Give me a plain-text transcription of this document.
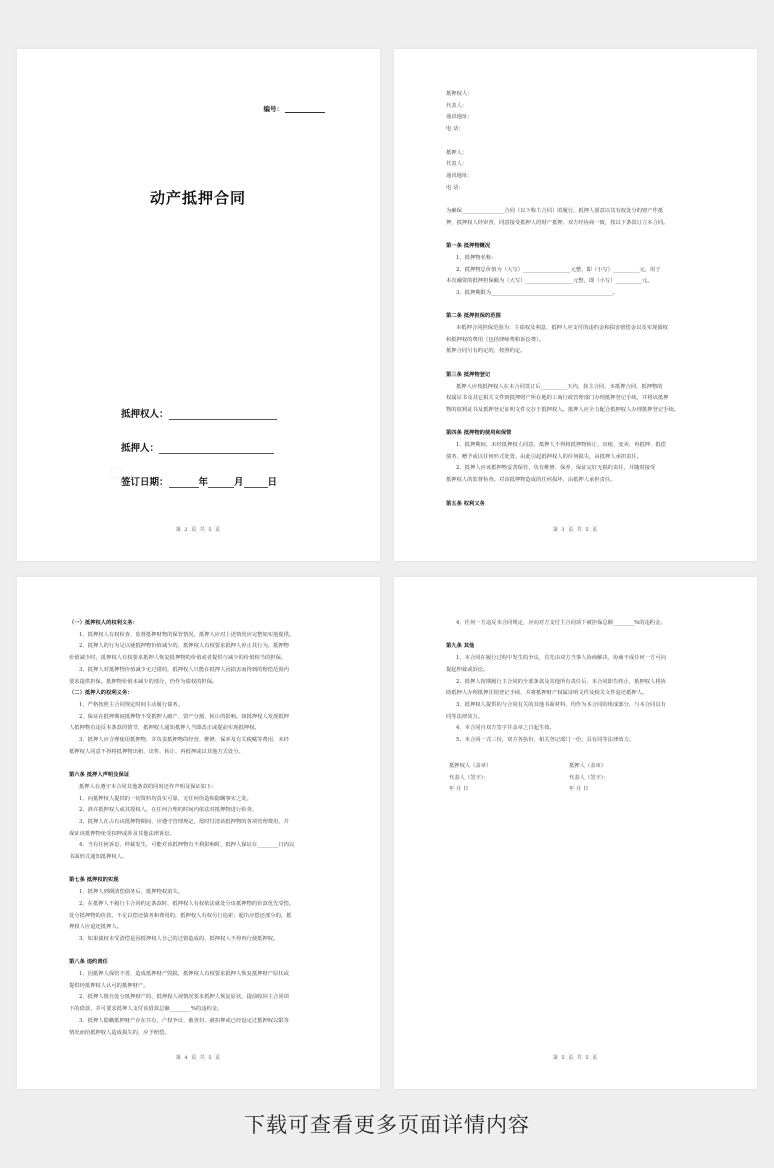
编号：
动产抵押合同
抵押权人：
抵押人：
签订日期：	年	月	日
第 2 页 共 5 页
抵押权人：
代表人：
通讯地址：
电 话：
抵押人：
代表人：
通讯地址：
电 话：
为确保________________合同（以下称主合同）的履行，抵押人愿意以其有权处分的财产作抵
押，抵押权人经审查，同意接受抵押人的财产抵押。双方经协商一致，按以下条款订立本合同。
第一条 抵押物概况
1、抵押物名称：
2、抵押物总价值为（大写）__________________元整，即（小写）__________元，用于
本次融资的抵押担保额为（大写）__________________元整，即（小写）__________元。
3、抵押期限为______________________________________________。
第二条 抵押担保的范围
本抵押合同担保范围为：主债权及利息、抵押人应支付的违约金和损害赔偿金以及实现债权
和抵押权的费用（包括律师费和诉讼费）。
抵押合同另有约定的，按照约定。
第三条 抵押物登记
抵押人应按抵押权人在本合同签订后__________天内，执主合同、本抵押合同、抵押物的
权属证书及其它相关文件到抵押财产所在地的工商行政管理部门办理抵押登记手续，并将该抵押
物的权利证书及抵押登记证明文件交存于抵押权人。抵押人应全力配合抵押权人办理抵押登记手续。
第四条 抵押物的使用和保管
1、抵押期间，未经抵押权人同意，抵押人不得将抵押物转让、出租、变卖、再抵押、抵偿
债务、赠予或以任何形式处置。由此引起抵押权人的任何损失，由抵押人承担责任。
2、抵押人应该抵押物妥善保管，负有维修、保养、保证完好无损的责任，并随时接受
抵押权人的监督检查。对该抵押物造成的任何损坏，由抵押人承担责任。
第五条 权利义务
第 3 页 共 5 页
（一）抵押权人的权利义务：
1、抵押权人有权检查、监督抵押财物的保管情况，抵押人应对上述情况应完整如实地提供。
2、抵押人的行为足以使抵押物价值减少的，抵押权人有权要求抵押人停止其行为。抵押物
价值减少时，抵押权人有权要求抵押人恢复抵押物的价值或者提供与减少的价值相当的担保。
3、抵押人对抵押物价值减少无过错的，抵押权人只能在抵押人因损害而得到的赔偿范围内
要求提供担保。抵押物价值未减少的部分，仍作为债权的担保。
（二）抵押人的权利义务：
1、严格按照主合同规定时间主动履行债务。
2、保证在抵押期间抵押物不受抵押人破产、资产分割、转让的影响。如抵押权人发现抵押
人抵押物有违反本条款的情节，抵押权人通知抵押人当即改正或提前实现抵押权。
3、抵押人应合理使用抵押物，并负责抵押物的经营、维修、保养及有关税赋等费用，未经
抵押权人同意不得将抵押物出租、出售、转让、再抵押或以其他方式处分。
第六条 抵押人声明及保证
抵押人在遵守本合同其他条款的同时还作声明及保证如下：
1、向抵押权人提供的一切资料均真实可靠，无任何伪造和隐瞒事实之处。
2、准许抵押权人或其授权人，在任何合理的时间内依法对抵押物进行检查。
3、抵押人在占有该抵押物期间，应遵守管理规定，按时付清该抵押物的各项管理费用，并
保证该抵押物免受扣押或涉及其他法律诉讼。
4、当有任何诉讼、仲裁发生，可能对该抵押物有不利影响时，抵押人保证在________日内以
书面形式通知抵押权人。
第七条 抵押权的实现
1、抵押人到期清偿债务后，抵押物权消失。
2、在抵押人不履行主合同约定条款时，抵押权人有权依法就处分该抵押物的价款优先受偿。
处分抵押物的价款，不足以偿还债务和费用的，抵押权人有权另行追索；超出应偿还部分的，抵
押权人应退还抵押人。
3、如果债权未受清偿是因抵押权人自己的过错造成的，抵押权人不得再行使抵押权。
第八条 违约责任
1、因抵押人保管不善，造成抵押财产毁损，抵押权人有权要求抵押人恢复抵押财产原状或
提供经抵押权人认可的抵押财产。
2、抵押人擅自处分抵押财产的，抵押权人视情况要求抵押人恢复原状，提前收回主合同项
下的借款，并可要求抵押人支付该借款总额________%的违约金。
3、抵押人隐瞒抵押财产存在共有、产权争议、被查封、被扣押或已经设定过抵押权以限等
情况而给抵押权人造成损失的，应予赔偿。
第 4 页 共 5 页
4、任何一方违反本合同规定，应向对方支付主合同项下被担保总额________%的违约金。
第九条 其他
1、本合同在履行过程中发生的争议，首先由双方当事人协商解决，协商不成任何一方可向
提起仲裁或诉讼。
2、抵押人按期履行主合同的全部条款及其他所有责任后，本合同即告终止，抵押权人将协
助抵押人办理抵押注销登记手续，并将抵押财产权属证明文件及相关文件退还抵押人。
3、抵押权人提供的与合同有关的其他书面材料，均作为本合同的组成部分，与本合同具有
同等法律效力。
4、本合同自双方签字并盖章之日起生效。
5、本合同一式三份，双方各执份，相关登记部门一份，具有同等法律效力。
抵押权人（盖章）	抵押人（盖章）
代表人（签字）：	代表人（签字）：
年 月 日	年 月 日
第 5 页 共 5 页
下载可查看更多页面详情内容
